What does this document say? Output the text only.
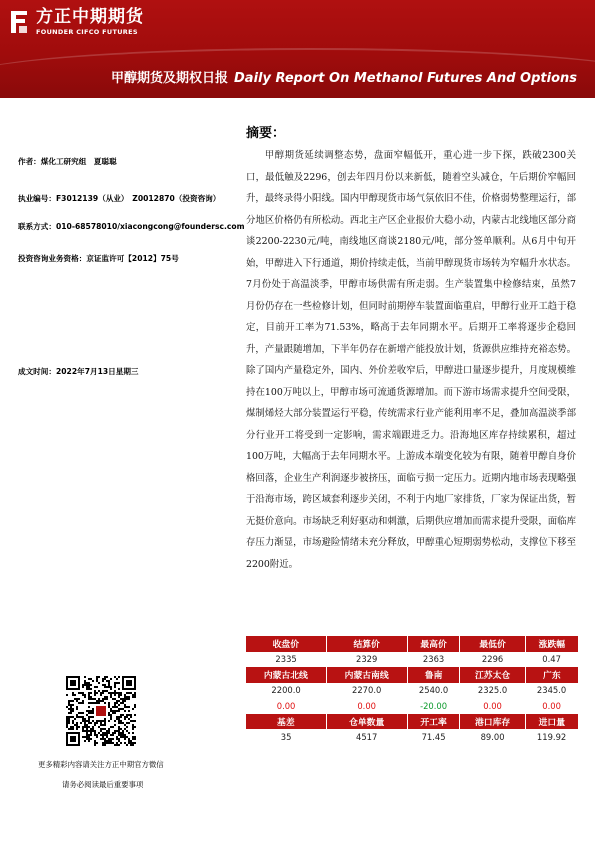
方正中期期货
FOUNDER CIFCO FUTURES
甲醇期货及期权日报 Daily Report On Methanol Futures And Options
作者：煤化工研究组　夏聪聪
执业编号：F3012139（从业）　Z0012870（投资咨询）
联系方式：010-68578010/xiacongcong@foundersc.com
投资咨询业务资格：京证监许可【2012】75号
成文时间：2022年7月13日星期三
摘要：
甲醇期货延续调整态势，盘面窄幅低开，重心进一步下探，跌破2300关口，最低触及2296，创去年四月份以来新低，随着空头减仓，午后期价窄幅回升，最终录得小阳线。国内甲醇现货市场气氛依旧不佳，价格弱势整理运行，部分地区价格仍有所松动。西北主产区企业报价大稳小动，内蒙古北线地区部分商谈2200-2230元/吨，南线地区商谈2180元/吨，部分签单顺利。从6月中旬开始，甲醇进入下行通道，期价持续走低，当前甲醇现货市场转为窄幅升水状态。7月份处于高温淡季，甲醇市场供需有所走弱。生产装置集中检修结束，虽然7月份仍存在一些检修计划，但同时前期停车装置面临重启，甲醇行业开工趋于稳定，目前开工率为71.53%，略高于去年同期水平。后期开工率将逐步企稳回升，产量跟随增加，下半年仍存在新增产能投放计划，货源供应维持充裕态势。除了国内产量稳定外，国内、外价差收窄后，甲醇进口量逐步提升，月度规模维持在100万吨以上，甲醇市场可流通货源增加。而下游市场需求提升空间受限，煤制烯烃大部分装置运行平稳，传统需求行业产能利用率不足，叠加高温淡季部分行业开工将受到一定影响，需求端跟进乏力。沿海地区库存持续累积，超过100万吨，大幅高于去年同期水平。上游成本端变化较为有限，随着甲醇自身价格回落，企业生产利润逐步被挤压，面临亏损一定压力。近期内地市场表现略强于沿海市场，跨区域套利逐步关闭，不利于内地厂家排货，厂家为保证出货，暂无挺价意向。市场缺乏利好驱动和刺激，后期供应增加而需求提升受限，面临库存压力渐显，市场避险情绪未充分释放，甲醇重心短期弱势松动，支撑位下移至2200附近。
收盘价	结算价	最高价	最低价	涨跌幅
2335	2329	2363	2296	0.47
内蒙古北线	内蒙古南线	鲁南	江苏太仓	广东
2200.0	2270.0	2540.0	2325.0	2345.0
0.00	0.00	-20.00	0.00	0.00
基差	仓单数量	开工率	港口库存	进口量
35	4517	71.45	89.00	119.92
更多精彩内容请关注方正中期官方微信
请务必阅读最后重要事项
